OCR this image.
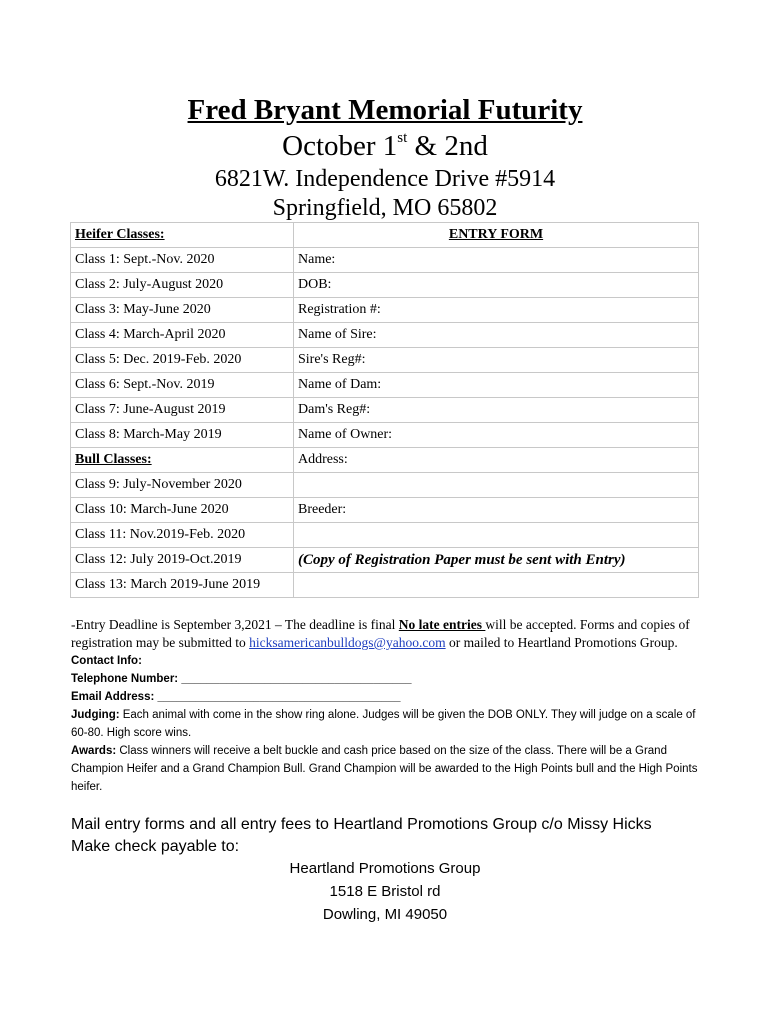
Fred Bryant Memorial Futurity
October 1st & 2nd
6821W. Independence Drive #5914
Springfield, MO 65802
Heifer Classes:	ENTRY FORM
Class 1: Sept.-Nov. 2020	Name:
Class 2: July-August 2020	DOB:
Class 3: May-June 2020	Registration #:
Class 4: March-April 2020	Name of Sire:
Class 5: Dec. 2019-Feb. 2020	Sire's Reg#:
Class 6: Sept.-Nov. 2019	Name of Dam:
Class 7: June-August 2019	Dam's Reg#:
Class 8: March-May 2019	Name of Owner:
Bull Classes:	Address:
Class 9: July-November 2020	
Class 10: March-June 2020	Breeder:
Class 11: Nov.2019-Feb. 2020	
Class 12: July 2019-Oct.2019	(Copy of Registration Paper must be sent with Entry)
Class 13: March 2019-June 2019	

-Entry Deadline is September 3,2021 – The deadline is final No late entries will be accepted. Forms and copies of registration may be submitted to hicksamericanbulldogs@yahoo.com or mailed to Heartland Promotions Group.

Contact Info:

Telephone Number: ____________________________________

Email Address: ______________________________________

Judging: Each animal with come in the show ring alone. Judges will be given the DOB ONLY. They will judge on a scale of 60-80. High score wins.

Awards: Class winners will receive a belt buckle and cash price based on the size of the class. There will be a Grand Champion Heifer and a Grand Champion Bull. Grand Champion will be awarded to the High Points bull and the High Points heifer.

Mail entry forms and all entry fees to Heartland Promotions Group c/o Missy Hicks

Make check payable to:

Heartland Promotions Group

1518 E Bristol rd

Dowling, MI 49050
